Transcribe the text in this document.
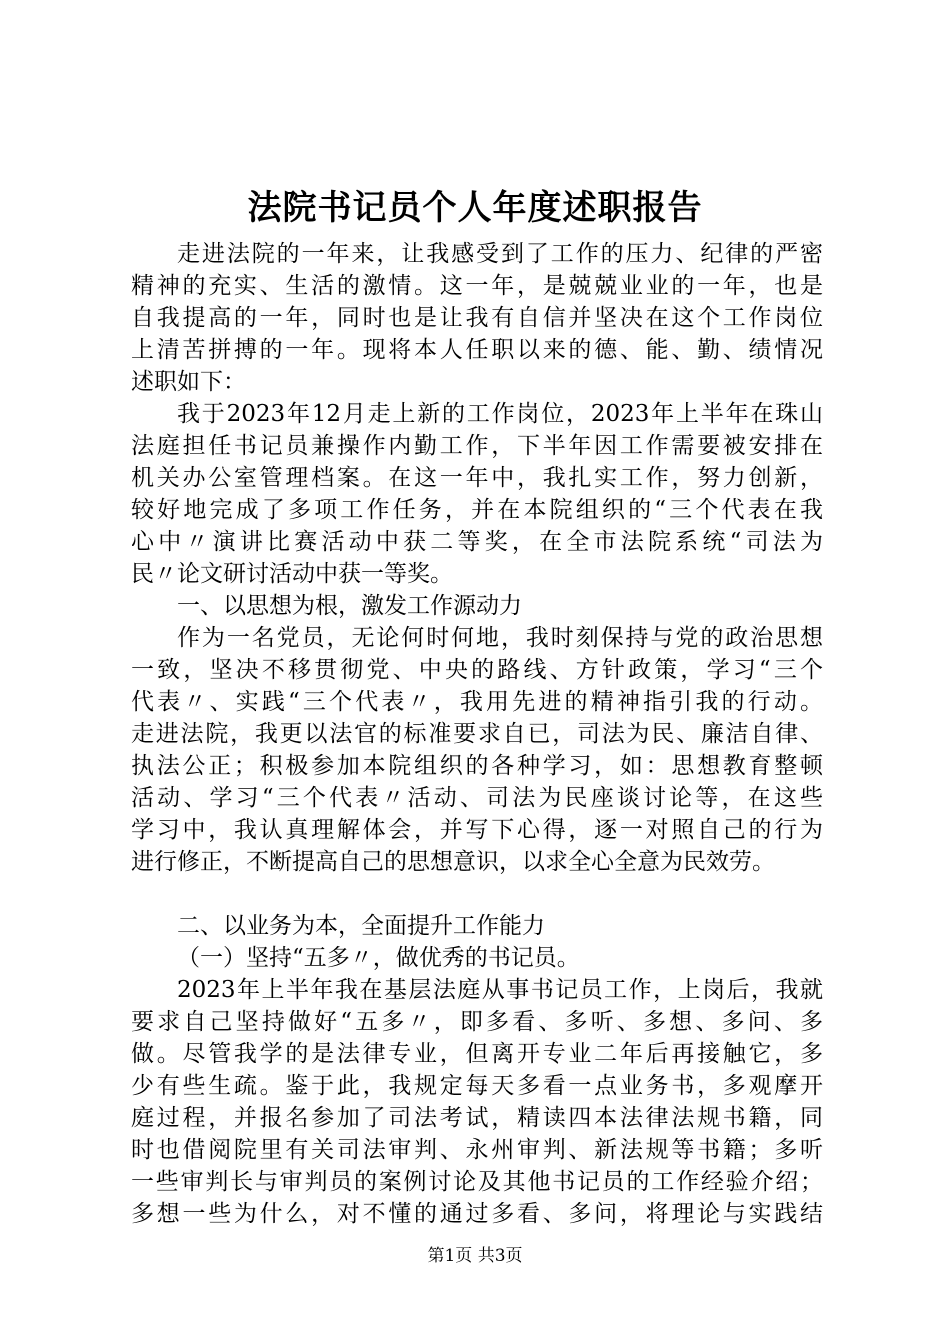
法院书记员个人年度述职报告
走进法院的一年来，让我感受到了工作的压力、纪律的严密
精神的充实、生活的激情。这一年，是兢兢业业的一年，也是
自我提高的一年，同时也是让我有自信并坚决在这个工作岗位
上清苦拼搏的一年。现将本人任职以来的德、能、勤、绩情况
述职如下：
我于2023年12月走上新的工作岗位，2023年上半年在珠山
法庭担任书记员兼操作内勤工作，下半年因工作需要被安排在
机关办公室管理档案。在这一年中，我扎实工作，努力创新，
较好地完成了多项工作任务，并在本院组织的“三个代表在我
心中〃演讲比赛活动中获二等奖，在全市法院系统“司法为
民〃论文研讨活动中获一等奖。
一、以思想为根，激发工作源动力
作为一名党员，无论何时何地，我时刻保持与党的政治思想
一致，坚决不移贯彻党、中央的路线、方针政策，学习“三个
代表〃、实践“三个代表〃，我用先进的精神指引我的行动。
走进法院，我更以法官的标准要求自已，司法为民、廉洁自律、
执法公正；积极参加本院组织的各种学习，如：思想教育整顿
活动、学习“三个代表〃活动、司法为民座谈讨论等，在这些
学习中，我认真理解体会，并写下心得，逐一对照自己的行为
进行修正，不断提高自己的思想意识，以求全心全意为民效劳。
二、以业务为本，全面提升工作能力
（一）坚持“五多〃，做优秀的书记员。
2023年上半年我在基层法庭从事书记员工作，上岗后，我就
要求自己坚持做好“五多〃，即多看、多听、多想、多问、多
做。尽管我学的是法律专业，但离开专业二年后再接触它，多
少有些生疏。鉴于此，我规定每天多看一点业务书，多观摩开
庭过程，并报名参加了司法考试，精读四本法律法规书籍，同
时也借阅院里有关司法审判、永州审判、新法规等书籍；多听
一些审判长与审判员的案例讨论及其他书记员的工作经验介绍；
多想一些为什么，对不懂的通过多看、多问，将理论与实践结
第1页 共3页
